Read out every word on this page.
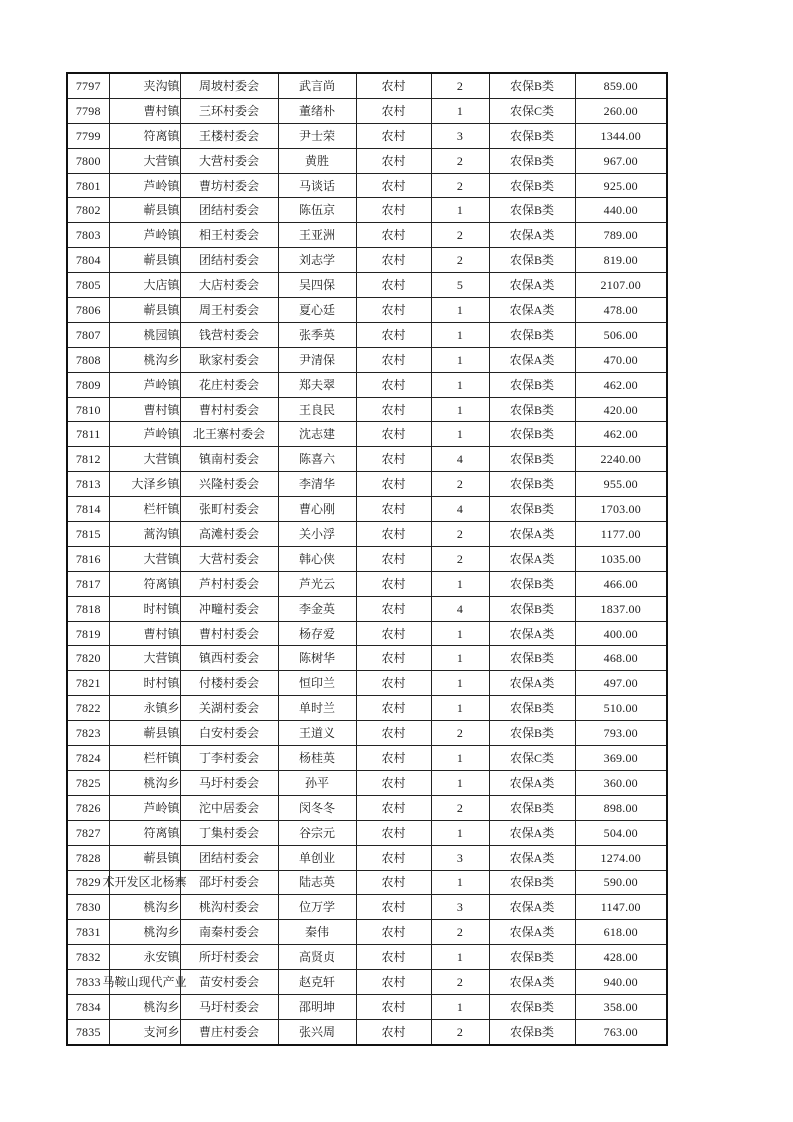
7797	夹沟镇	周坡村委会	武言尚	农村	2	农保B类	859.00
7798	曹村镇	三环村委会	董绪朴	农村	1	农保C类	260.00
7799	符离镇	王楼村委会	尹士荣	农村	3	农保B类	1344.00
7800	大营镇	大营村委会	黄胜	农村	2	农保B类	967.00
7801	芦岭镇	曹坊村委会	马谈话	农村	2	农保B类	925.00
7802	蕲县镇	团结村委会	陈伍京	农村	1	农保B类	440.00
7803	芦岭镇	相王村委会	王亚洲	农村	2	农保A类	789.00
7804	蕲县镇	团结村委会	刘志学	农村	2	农保B类	819.00
7805	大店镇	大店村委会	吴四保	农村	5	农保A类	2107.00
7806	蕲县镇	周王村委会	夏心廷	农村	1	农保A类	478.00
7807	桃园镇	钱营村委会	张季英	农村	1	农保B类	506.00
7808	桃沟乡	耿家村委会	尹清保	农村	1	农保A类	470.00
7809	芦岭镇	花庄村委会	郑夫翠	农村	1	农保B类	462.00
7810	曹村镇	曹村村委会	王良民	农村	1	农保B类	420.00
7811	芦岭镇	北王寨村委会	沈志建	农村	1	农保B类	462.00
7812	大营镇	镇南村委会	陈喜六	农村	4	农保B类	2240.00
7813	大泽乡镇	兴隆村委会	李清华	农村	2	农保B类	955.00
7814	栏杆镇	张町村委会	曹心刚	农村	4	农保B类	1703.00
7815	蒿沟镇	高滩村委会	关小浮	农村	2	农保A类	1177.00
7816	大营镇	大营村委会	韩心侠	农村	2	农保A类	1035.00
7817	符离镇	芦村村委会	芦光云	农村	1	农保B类	466.00
7818	时村镇	冲疃村委会	李金英	农村	4	农保B类	1837.00
7819	曹村镇	曹村村委会	杨存爱	农村	1	农保A类	400.00
7820	大营镇	镇西村委会	陈树华	农村	1	农保B类	468.00
7821	时村镇	付楼村委会	恒印兰	农村	1	农保A类	497.00
7822	永镇乡	关湖村委会	单时兰	农村	1	农保B类	510.00
7823	蕲县镇	白安村委会	王道义	农村	2	农保B类	793.00
7824	栏杆镇	丁李村委会	杨桂英	农村	1	农保C类	369.00
7825	桃沟乡	马圩村委会	孙平	农村	1	农保A类	360.00
7826	芦岭镇	沱中居委会	闵冬冬	农村	2	农保B类	898.00
7827	符离镇	丁集村委会	谷宗元	农村	1	农保A类	504.00
7828	蕲县镇	团结村委会	单创业	农村	3	农保A类	1274.00
7829	术开发区北杨寨	邵圩村委会	陆志英	农村	1	农保B类	590.00
7830	桃沟乡	桃沟村委会	位万学	农村	3	农保A类	1147.00
7831	桃沟乡	南秦村委会	秦伟	农村	2	农保A类	618.00
7832	永安镇	所圩村委会	高贤贞	农村	1	农保B类	428.00
7833	马鞍山现代产业	苗安村委会	赵克轩	农村	2	农保A类	940.00
7834	桃沟乡	马圩村委会	邵明坤	农村	1	农保B类	358.00
7835	支河乡	曹庄村委会	张兴周	农村	2	农保B类	763.00
